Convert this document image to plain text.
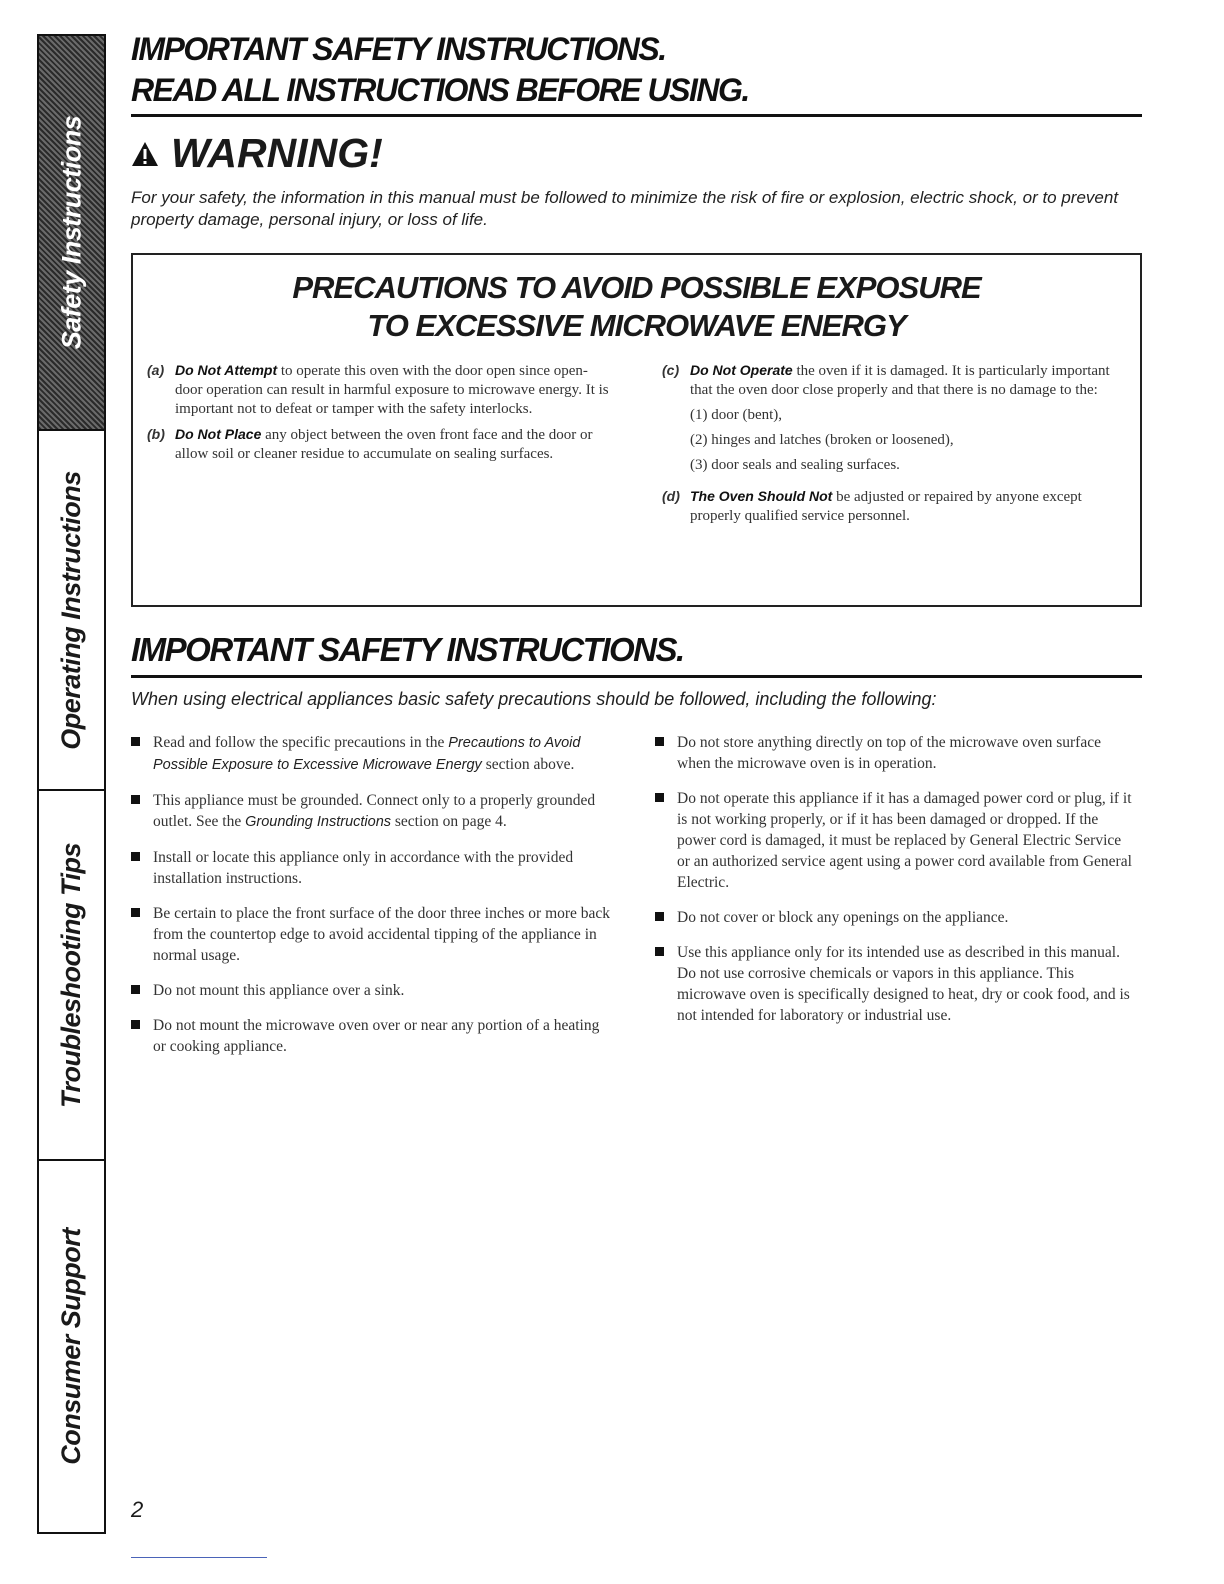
Safety Instructions
Operating Instructions
Troubleshooting Tips
Consumer Support
IMPORTANT SAFETY INSTRUCTIONS.
READ ALL INSTRUCTIONS BEFORE USING.
WARNING!
For your safety, the information in this manual must be followed to minimize the risk of fire or explosion, electric shock, or to prevent property damage, personal injury, or loss of life.
PRECAUTIONS TO AVOID POSSIBLE EXPOSURE
TO EXCESSIVE MICROWAVE ENERGY
(a) Do Not Attempt to operate this oven with the door open since open-door operation can result in harmful exposure to microwave energy. It is important not to defeat or tamper with the safety interlocks.
(b) Do Not Place any object between the oven front face and the door or allow soil or cleaner residue to accumulate on sealing surfaces.
(c) Do Not Operate the oven if it is damaged. It is particularly important that the oven door close properly and that there is no damage to the:
(1) door (bent),
(2) hinges and latches (broken or loosened),
(3) door seals and sealing surfaces.
(d) The Oven Should Not be adjusted or repaired by anyone except properly qualified service personnel.
IMPORTANT SAFETY INSTRUCTIONS.
When using electrical appliances basic safety precautions should be followed, including the following:
Read and follow the specific precautions in the Precautions to Avoid Possible Exposure to Excessive Microwave Energy section above.
This appliance must be grounded. Connect only to a properly grounded outlet. See the Grounding Instructions section on page 4.
Install or locate this appliance only in accordance with the provided installation instructions.
Be certain to place the front surface of the door three inches or more back from the countertop edge to avoid accidental tipping of the appliance in normal usage.
Do not mount this appliance over a sink.
Do not mount the microwave oven over or near any portion of a heating or cooking appliance.
Do not store anything directly on top of the microwave oven surface when the microwave oven is in operation.
Do not operate this appliance if it has a damaged power cord or plug, if it is not working properly, or if it has been damaged or dropped. If the power cord is damaged, it must be replaced by General Electric Service or an authorized service agent using a power cord available from General Electric.
Do not cover or block any openings on the appliance.
Use this appliance only for its intended use as described in this manual. Do not use corrosive chemicals or vapors in this appliance. This microwave oven is specifically designed to heat, dry or cook food, and is not intended for laboratory or industrial use.
2
